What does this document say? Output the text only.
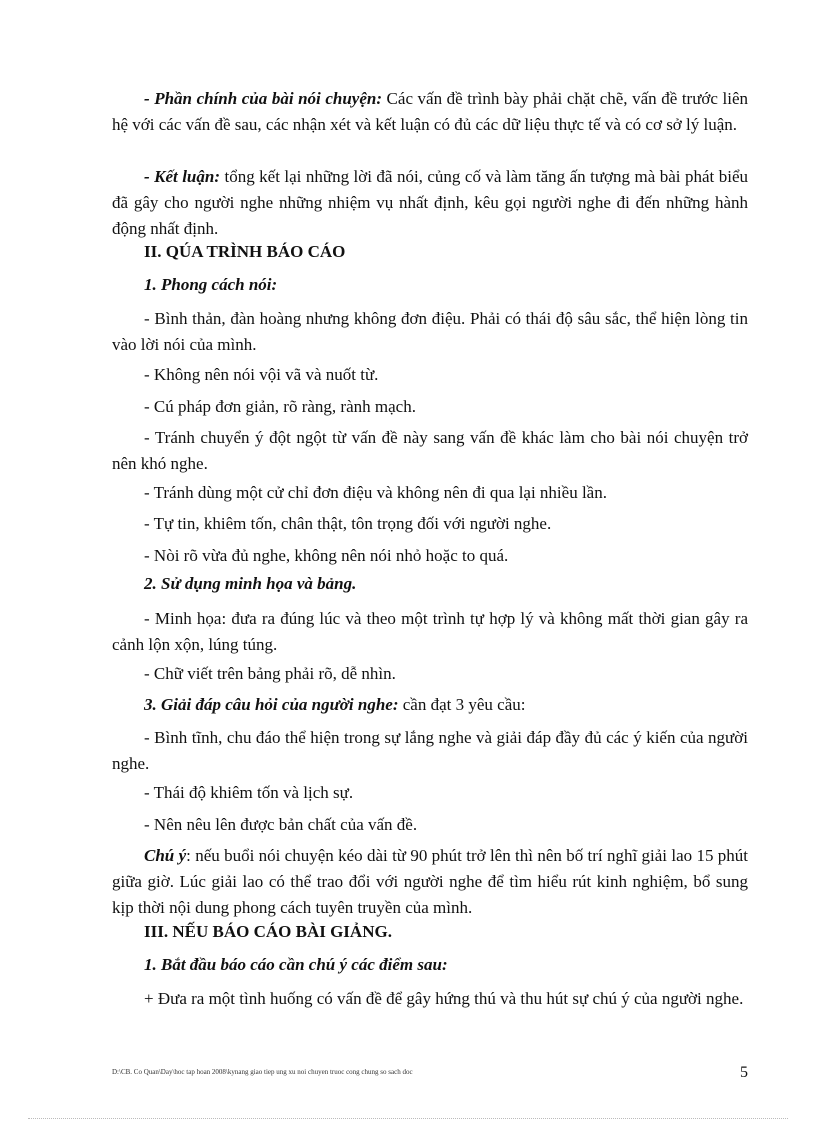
- Phần chính của bài nói chuyện: Các vấn đề trình bày phải chặt chẽ, vấn đề trước liên hệ với các vấn đề sau, các nhận xét và kết luận có đủ các dữ liệu thực tế và có cơ sở lý luận.

- Kết luận: tổng kết lại những lời đã nói, củng cố và làm tăng ấn tượng mà bài phát biểu đã gây cho người nghe những nhiệm vụ nhất định, kêu gọi người nghe đi đến những hành động nhất định.

II. QÚA TRÌNH BÁO CÁO

1. Phong cách nói:

- Bình thản, đàn hoàng nhưng không đơn điệu. Phải có thái độ sâu sắc, thể hiện lòng tin vào lời nói của mình.

- Không nên nói vội vã và nuốt từ.

- Cú pháp đơn giản, rõ ràng, rành mạch.

- Tránh chuyển ý đột ngột từ vấn đề này sang vấn đề khác làm cho bài nói chuyện trở nên khó nghe.

- Tránh dùng một cử chỉ đơn điệu và không nên đi qua lại nhiều lần.

- Tự tin, khiêm tốn, chân thật, tôn trọng đối với người nghe.

- Nòi rõ vừa đủ nghe, không nên nói nhỏ hoặc to quá.

2. Sử dụng minh họa và bảng.

- Minh họa: đưa ra đúng lúc và theo một trình tự hợp lý và không mất thời gian gây ra cảnh lộn xộn, lúng túng.

- Chữ viết trên bảng phải rõ, dễ nhìn.

3. Giải đáp câu hỏi của người nghe: cần đạt 3 yêu cầu:

- Bình tĩnh, chu đáo thể hiện trong sự lắng nghe và giải đáp đầy đủ các ý kiến của người nghe.

- Thái độ khiêm tốn và lịch sự.

- Nên nêu lên được bản chất của vấn đề.

Chú ý: nếu buổi nói chuyện kéo dài từ 90 phút trở lên thì nên bố trí nghĩ giải lao 15 phút giữa giờ. Lúc giải lao có thể trao đổi với người nghe để tìm hiểu rút kinh nghiệm, bổ sung kịp thời nội dung phong cách tuyên truyền của mình.

III. NẾU BÁO CÁO BÀI GIẢNG.

1. Bắt đầu báo cáo cần chú ý các điểm sau:

+ Đưa ra một tình huống có vấn đề để gây hứng thú và thu hút sự chú ý của người nghe.

D:\CB. Co Quan\Day\hoc tap hoan 2008\kynang giao tiep ung xu noi chuyen truoc cong chung so sach doc	5
